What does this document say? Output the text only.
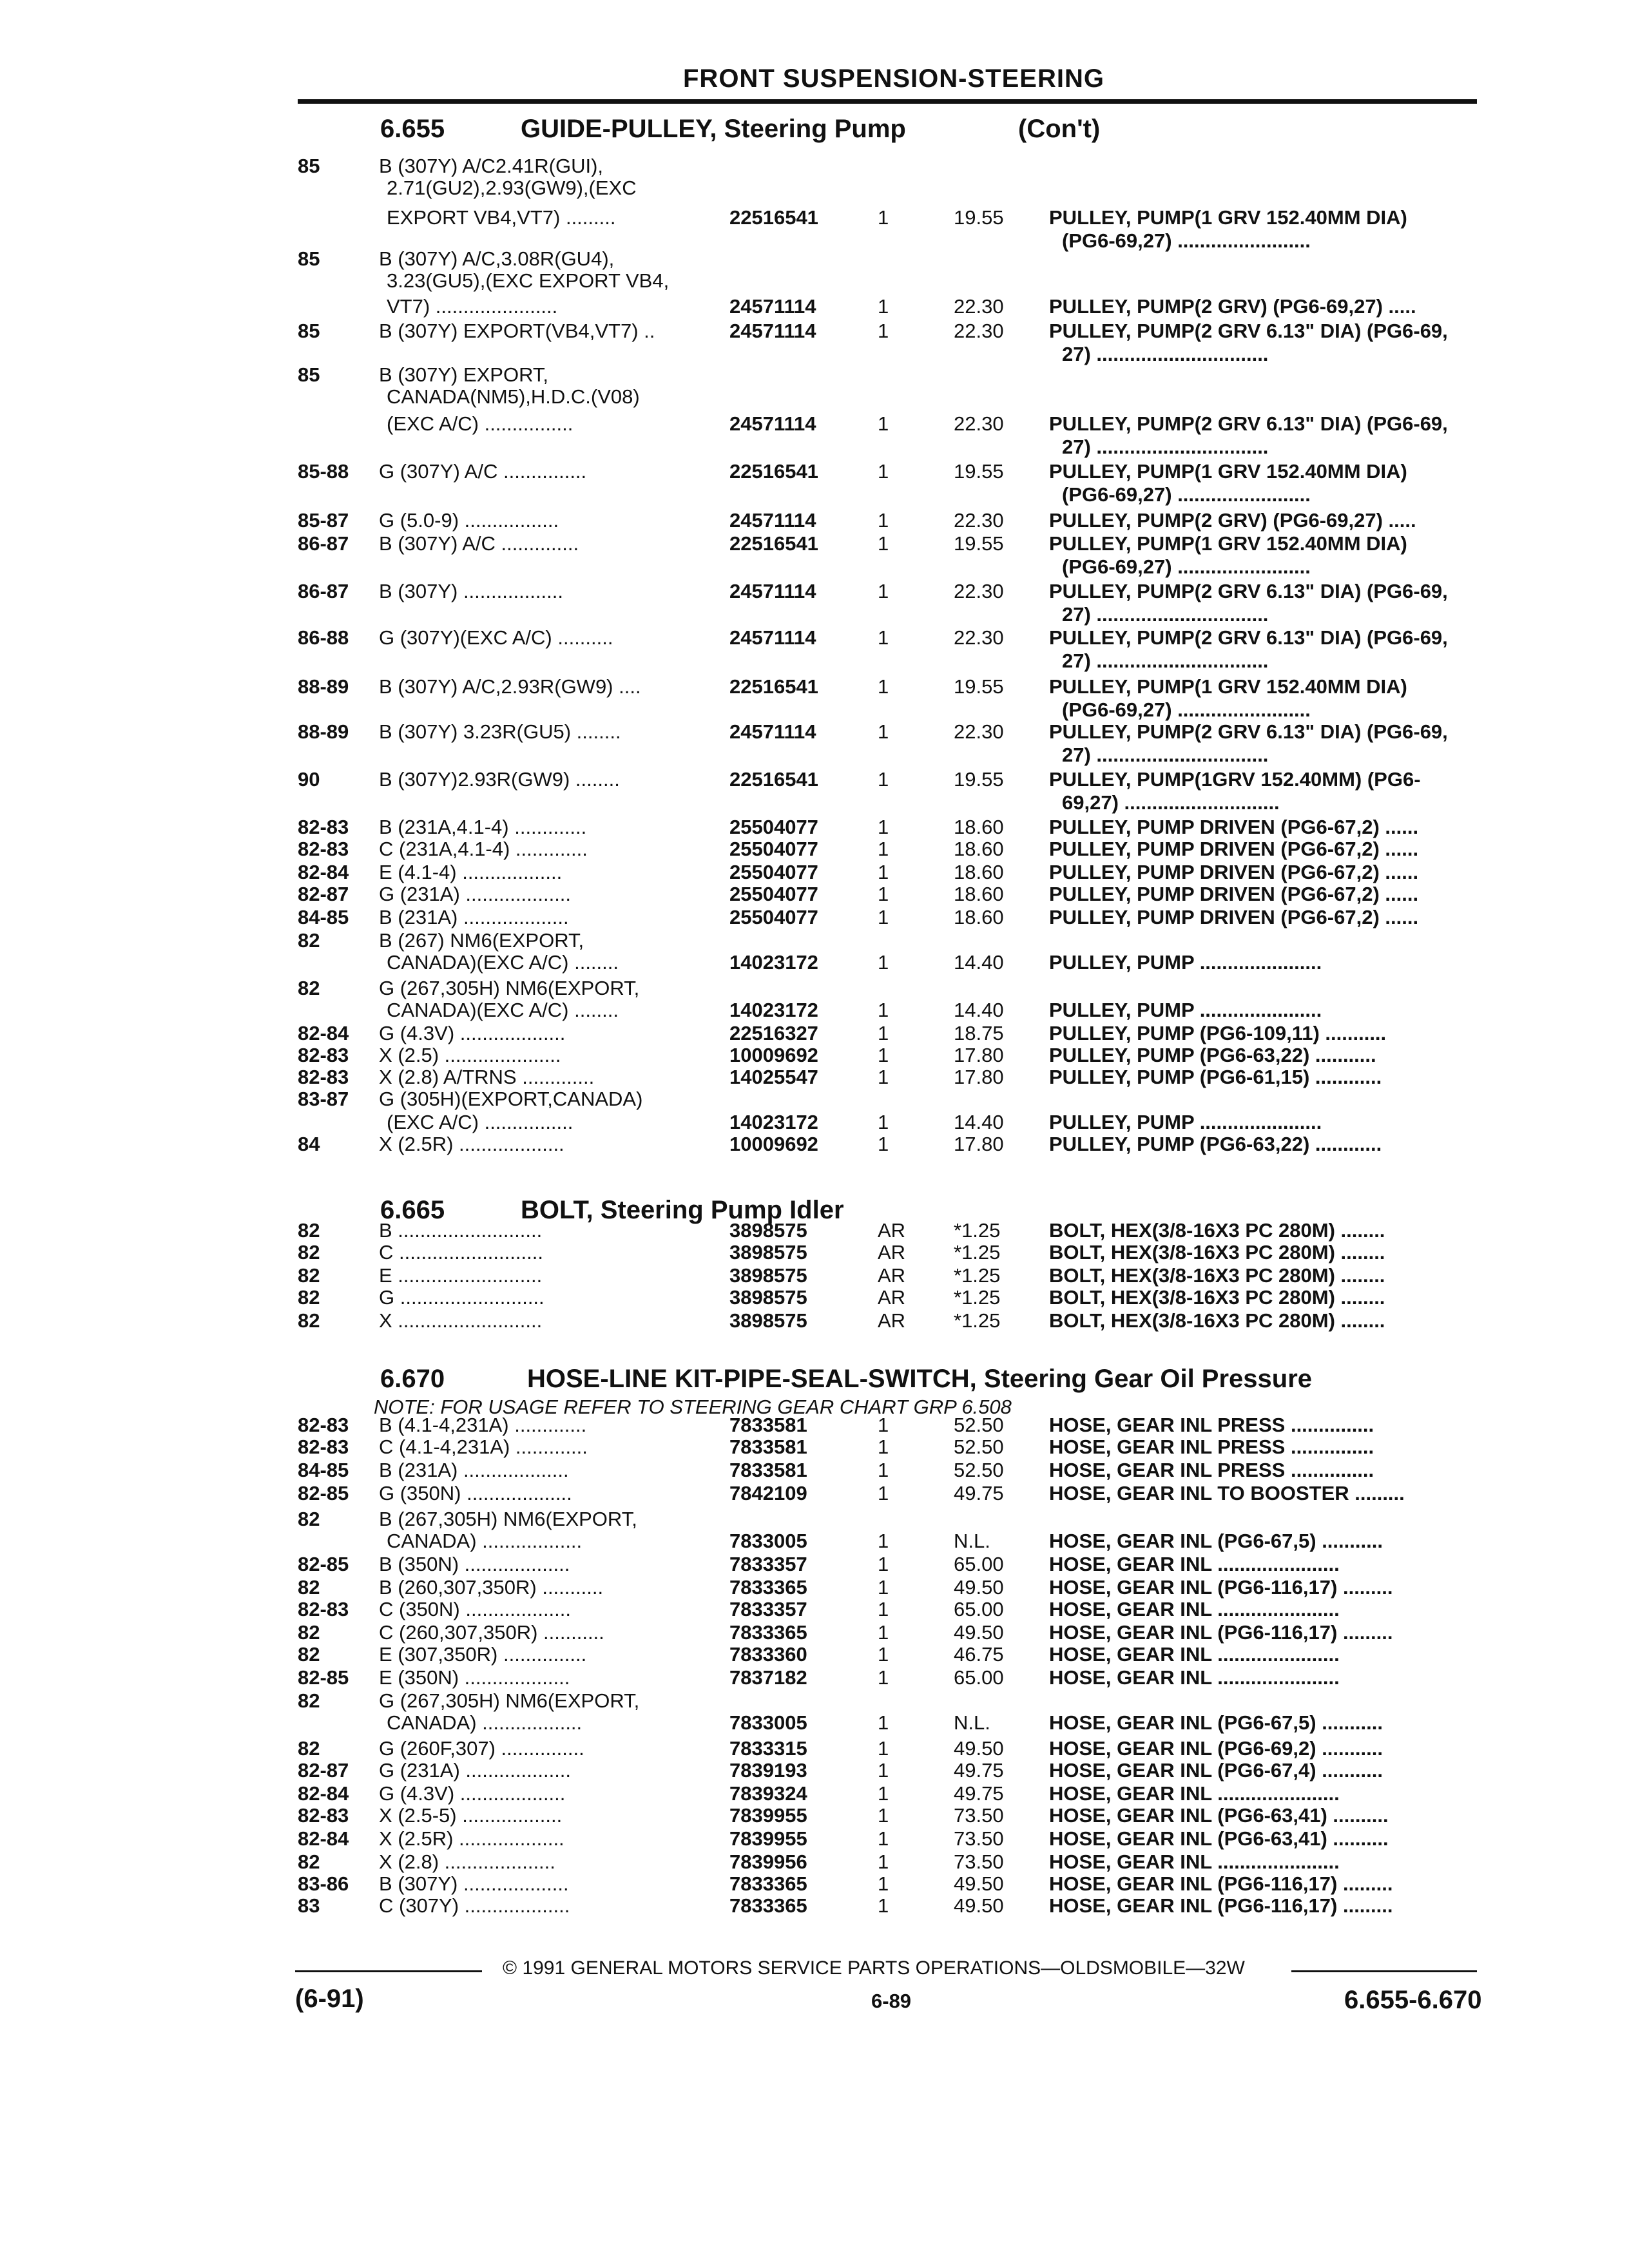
FRONT SUSPENSION-STEERING
6.655	GUIDE-PULLEY, Steering Pump	(Con't)
6.665	BOLT, Steering Pump Idler
6.670	HOSE-LINE KIT-PIPE-SEAL-SWITCH, Steering Gear Oil Pressure
NOTE: FOR USAGE REFER TO STEERING GEAR CHART GRP 6.508
85	B (307Y) A/C2.41R(GUI),
2.71(GU2),2.93(GW9),(EXC
EXPORT VB4,VT7) .........	22516541	1	19.55 PULLEY, PUMP(1 GRV 152.40MM DIA)
(PG6-69,27) ........................
85	B (307Y) A/C,3.08R(GU4),
3.23(GU5),(EXC EXPORT VB4,
VT7) ......................	24571114	1	22.30 PULLEY, PUMP(2 GRV) (PG6-69,27) .....
85	B (307Y) EXPORT(VB4,VT7) ..	24571114	1	22.30 PULLEY, PUMP(2 GRV 6.13" DIA) (PG6-69,
27) ...............................
85	B (307Y) EXPORT,
CANADA(NM5),H.D.C.(V08)
(EXC A/C) ................	24571114	1	22.30 PULLEY, PUMP(2 GRV 6.13" DIA) (PG6-69,
27) ...............................
85-88 G (307Y) A/C ...............	22516541	1	19.55 PULLEY, PUMP(1 GRV 152.40MM DIA)
(PG6-69,27) ........................
85-87 G (5.0-9) .................	24571114	1	22.30 PULLEY, PUMP(2 GRV) (PG6-69,27) .....
86-87 B (307Y) A/C ..............	22516541	1	19.55 PULLEY, PUMP(1 GRV 152.40MM DIA)
(PG6-69,27) ........................
86-87 B (307Y) ..................	24571114	1	22.30 PULLEY, PUMP(2 GRV 6.13" DIA) (PG6-69,
27) ...............................
86-88 G (307Y)(EXC A/C) ..........	24571114	1	22.30 PULLEY, PUMP(2 GRV 6.13" DIA) (PG6-69,
27) ...............................
88-89 B (307Y) A/C,2.93R(GW9) ....	22516541	1	19.55 PULLEY, PUMP(1 GRV 152.40MM DIA)
(PG6-69,27) ........................
88-89 B (307Y) 3.23R(GU5) ........	24571114	1	22.30 PULLEY, PUMP(2 GRV 6.13" DIA) (PG6-69,
27) ...............................
90	B (307Y)2.93R(GW9) ........	22516541	1	19.55 PULLEY, PUMP(1GRV 152.40MM) (PG6-
69,27) ............................
82-83 B (231A,4.1-4) .............	25504077	1	18.60 PULLEY, PUMP DRIVEN (PG6-67,2) ......
82-83 C (231A,4.1-4) .............	25504077	1	18.60 PULLEY, PUMP DRIVEN (PG6-67,2) ......
82-84 E (4.1-4) ..................	25504077	1	18.60 PULLEY, PUMP DRIVEN (PG6-67,2) ......
82-87 G (231A) ...................	25504077	1	18.60 PULLEY, PUMP DRIVEN (PG6-67,2) ......
84-85 B (231A) ...................	25504077	1	18.60 PULLEY, PUMP DRIVEN (PG6-67,2) ......
82	B (267) NM6(EXPORT,
CANADA)(EXC A/C) ........	14023172	1	14.40 PULLEY, PUMP ......................
82	G (267,305H) NM6(EXPORT,
CANADA)(EXC A/C) ........	14023172	1	14.40 PULLEY, PUMP ......................
82-84 G (4.3V) ...................	22516327	1	18.75 PULLEY, PUMP (PG6-109,11) ...........
82-83 X (2.5) .....................	10009692	1	17.80 PULLEY, PUMP (PG6-63,22) ...........
82-83 X (2.8) A/TRNS .............	14025547	1	17.80 PULLEY, PUMP (PG6-61,15) ............
83-87 G (305H)(EXPORT,CANADA)
(EXC A/C) ................	14023172	1	14.40 PULLEY, PUMP ......................
84	X (2.5R) ...................	10009692	1	17.80 PULLEY, PUMP (PG6-63,22) ............
82	B ..........................	3898575	AR *1.25 BOLT, HEX(3/8-16X3 PC 280M) ........
82	C ..........................	3898575	AR *1.25 BOLT, HEX(3/8-16X3 PC 280M) ........
82	E ..........................	3898575	AR *1.25 BOLT, HEX(3/8-16X3 PC 280M) ........
82	G ..........................	3898575	AR *1.25 BOLT, HEX(3/8-16X3 PC 280M) ........
82	X ..........................	3898575	AR *1.25 BOLT, HEX(3/8-16X3 PC 280M) ........
82-83 B (4.1-4,231A) .............	7833581	1	52.50 HOSE, GEAR INL PRESS ...............
82-83 C (4.1-4,231A) .............	7833581	1	52.50 HOSE, GEAR INL PRESS ...............
84-85 B (231A) ...................	7833581	1	52.50 HOSE, GEAR INL PRESS ...............
82-85 G (350N) ...................	7842109	1	49.75 HOSE, GEAR INL TO BOOSTER .........
82	B (267,305H) NM6(EXPORT,
CANADA) ..................	7833005	1	N.L.	HOSE, GEAR INL (PG6-67,5) ...........
82-85 B (350N) ...................	7833357	1	65.00 HOSE, GEAR INL ......................
82	B (260,307,350R) ...........	7833365	1	49.50 HOSE, GEAR INL (PG6-116,17) .........
82-83 C (350N) ...................	7833357	1	65.00 HOSE, GEAR INL ......................
82	C (260,307,350R) ...........	7833365	1	49.50 HOSE, GEAR INL (PG6-116,17) .........
82	E (307,350R) ...............	7833360	1	46.75 HOSE, GEAR INL ......................
82-85 E (350N) ...................	7837182	1	65.00 HOSE, GEAR INL ......................
82	G (267,305H) NM6(EXPORT,
CANADA) ..................	7833005	1	N.L.	HOSE, GEAR INL (PG6-67,5) ...........
82	G (260F,307) ...............	7833315	1	49.50 HOSE, GEAR INL (PG6-69,2) ...........
82-87 G (231A) ...................	7839193	1	49.75 HOSE, GEAR INL (PG6-67,4) ...........
82-84 G (4.3V) ...................	7839324	1	49.75 HOSE, GEAR INL ......................
82-83 X (2.5-5) ..................	7839955	1	73.50 HOSE, GEAR INL (PG6-63,41) ..........
82-84 X (2.5R) ...................	7839955	1	73.50 HOSE, GEAR INL (PG6-63,41) ..........
82	X (2.8) ....................	7839956	1	73.50 HOSE, GEAR INL ......................
83-86 B (307Y) ...................	7833365	1	49.50 HOSE, GEAR INL (PG6-116,17) .........
83	C (307Y) ...................	7833365	1	49.50 HOSE, GEAR INL (PG6-116,17) .........
© 1991 GENERAL MOTORS SERVICE PARTS OPERATIONS—OLDSMOBILE—32W
(6-91)	6-89	6.655-6.670
